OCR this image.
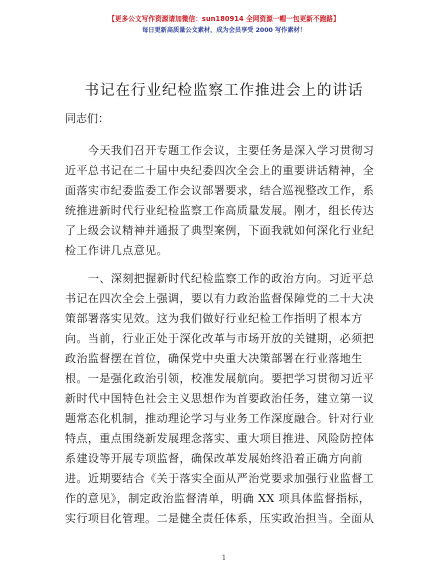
【更多公文写作资源请加微信：sun180914 全网资源一帽一包更新不跑路】
每日更新高质量公文素材，成为会员享受 2000 写作素材！
书记在行业纪检监察工作推进会上的讲话
同志们：
今天我们召开专题工作会议，主要任务是深入学习贯彻习
近平总书记在二十届中央纪委四次全会上的重要讲话精神，全
面落实市纪委监委工作会议部署要求，结合巡视整改工作，系
统推进新时代行业纪检监察工作高质量发展。刚才，组长传达
了上级会议精神并通报了典型案例，下面我就如何深化行业纪
检工作讲几点意见。
一、深刻把握新时代纪检监察工作的政治方向。习近平总
书记在四次全会上强调，要以有力政治监督保障党的二十大决
策部署落实见效。这为我们做好行业纪检工作指明了根本方
向。当前，行业正处于深化改革与市场开放的关键期，必须把
政治监督摆在首位，确保党中央重大决策部署在行业落地生
根。一是强化政治引领，校准发展航向。要把学习贯彻习近平
新时代中国特色社会主义思想作为首要政治任务，建立第一议
题常态化机制，推动理论学习与业务工作深度融合。针对行业
特点，重点围绕新发展理念落实、重大项目推进、风险防控体
系建设等开展专项监督，确保改革发展始终沿着正确方向前
进。近期要结合《关于落实全面从严治党要求加强行业监督工
作的意见》，制定政治监督清单，明确 XX 项具体监督指标，
实行项目化管理。二是健全责任体系，压实政治担当。全面从
1
